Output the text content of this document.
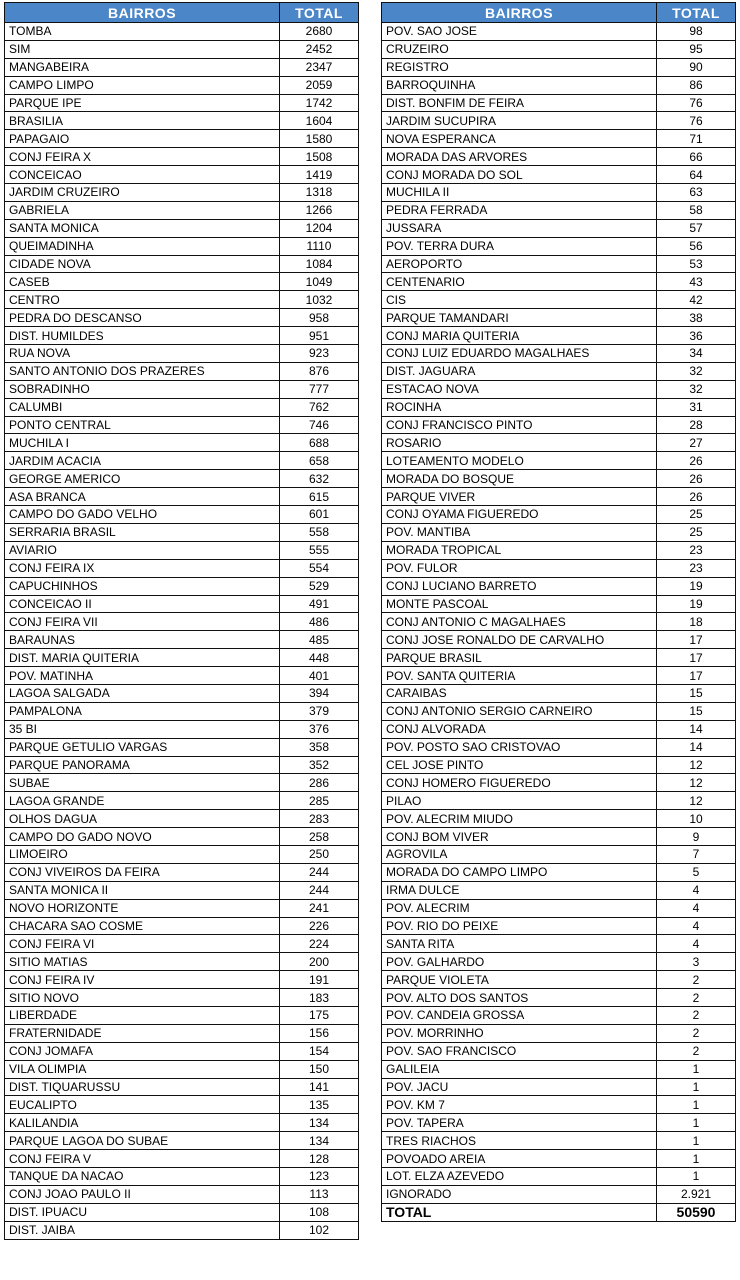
BAIRROS	TOTAL
TOMBA	2680
SIM	2452
MANGABEIRA	2347
CAMPO LIMPO	2059
PARQUE IPE	1742
BRASILIA	1604
PAPAGAIO	1580
CONJ FEIRA X	1508
CONCEICAO	1419
JARDIM CRUZEIRO	1318
GABRIELA	1266
SANTA MONICA	1204
QUEIMADINHA	1110
CIDADE NOVA	1084
CASEB	1049
CENTRO	1032
PEDRA DO DESCANSO	958
DIST. HUMILDES	951
RUA NOVA	923
SANTO ANTONIO DOS PRAZERES	876
SOBRADINHO	777
CALUMBI	762
PONTO CENTRAL	746
MUCHILA I	688
JARDIM ACACIA	658
GEORGE AMERICO	632
ASA BRANCA	615
CAMPO DO GADO VELHO	601
SERRARIA BRASIL	558
AVIARIO	555
CONJ FEIRA IX	554
CAPUCHINHOS	529
CONCEICAO II	491
CONJ FEIRA VII	486
BARAUNAS	485
DIST. MARIA QUITERIA	448
POV. MATINHA	401
LAGOA SALGADA	394
PAMPALONA	379
35 BI	376
PARQUE GETULIO VARGAS	358
PARQUE PANORAMA	352
SUBAE	286
LAGOA GRANDE	285
OLHOS DAGUA	283
CAMPO DO GADO NOVO	258
LIMOEIRO	250
CONJ VIVEIROS DA FEIRA	244
SANTA MONICA II	244
NOVO HORIZONTE	241
CHACARA SAO COSME	226
CONJ FEIRA VI	224
SITIO MATIAS	200
CONJ FEIRA IV	191
SITIO NOVO	183
LIBERDADE	175
FRATERNIDADE	156
CONJ JOMAFA	154
VILA OLIMPIA	150
DIST. TIQUARUSSU	141
EUCALIPTO	135
KALILANDIA	134
PARQUE LAGOA DO SUBAE	134
CONJ FEIRA V	128
TANQUE DA NACAO	123
CONJ JOAO PAULO II	113
DIST. IPUACU	108
DIST. JAIBA	102
BAIRROS	TOTAL
POV. SAO JOSE	98
CRUZEIRO	95
REGISTRO	90
BARROQUINHA	86
DIST. BONFIM DE FEIRA	76
JARDIM SUCUPIRA	76
NOVA ESPERANCA	71
MORADA DAS ARVORES	66
CONJ MORADA DO SOL	64
MUCHILA II	63
PEDRA FERRADA	58
JUSSARA	57
POV. TERRA DURA	56
AEROPORTO	53
CENTENARIO	43
CIS	42
PARQUE TAMANDARI	38
CONJ MARIA QUITERIA	36
CONJ LUIZ EDUARDO MAGALHAES	34
DIST. JAGUARA	32
ESTACAO NOVA	32
ROCINHA	31
CONJ FRANCISCO PINTO	28
ROSARIO	27
LOTEAMENTO MODELO	26
MORADA DO BOSQUE	26
PARQUE VIVER	26
CONJ OYAMA FIGUEREDO	25
POV. MANTIBA	25
MORADA TROPICAL	23
POV. FULOR	23
CONJ LUCIANO BARRETO	19
MONTE PASCOAL	19
CONJ ANTONIO C MAGALHAES	18
CONJ JOSE RONALDO DE CARVALHO	17
PARQUE BRASIL	17
POV. SANTA QUITERIA	17
CARAIBAS	15
CONJ ANTONIO SERGIO CARNEIRO	15
CONJ ALVORADA	14
POV. POSTO SAO CRISTOVAO	14
CEL JOSE PINTO	12
CONJ HOMERO FIGUEREDO	12
PILAO	12
POV. ALECRIM MIUDO	10
CONJ BOM VIVER	9
AGROVILA	7
MORADA DO CAMPO LIMPO	5
IRMA DULCE	4
POV. ALECRIM	4
POV. RIO DO PEIXE	4
SANTA RITA	4
POV. GALHARDO	3
PARQUE VIOLETA	2
POV. ALTO DOS SANTOS	2
POV. CANDEIA GROSSA	2
POV. MORRINHO	2
POV. SAO FRANCISCO	2
GALILEIA	1
POV. JACU	1
POV. KM 7	1
POV. TAPERA	1
TRES RIACHOS	1
POVOADO AREIA	1
LOT. ELZA AZEVEDO	1
IGNORADO	2.921
TOTAL	50590
